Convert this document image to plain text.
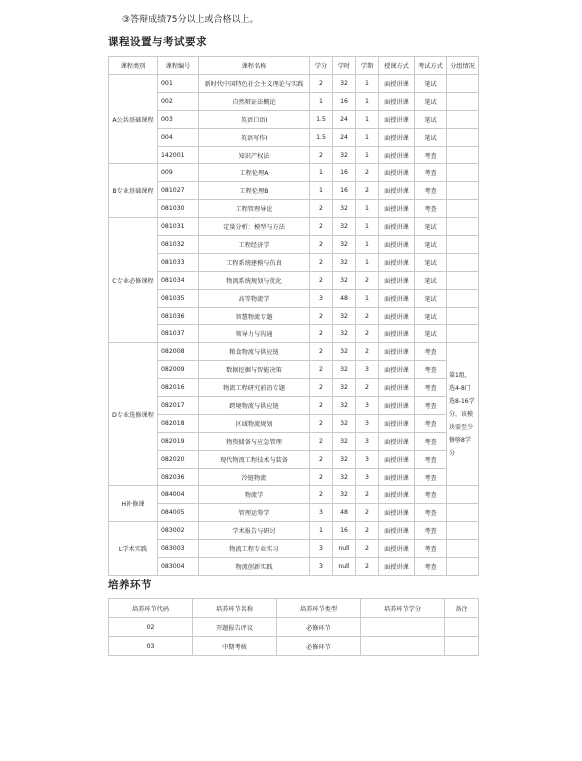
③答辩成绩75分以上或合格以上。
课程设置与考试要求
课程类别	课程编号	课程名称	学分	学时	学期	授课方式	考试方式	分组情况
A公共基础课程	001	新时代中国特色社会主义理论与实践	2	32	1	面授讲课	笔试	
	002	自然辩证法概论	1	16	1	面授讲课	笔试	
	003	英语口语I	1.5	24	1	面授讲课	笔试	
	004	英语写作I	1.5	24	1	面授讲课	笔试	
	142001	知识产权法	2	32	1	面授讲课	考查	
B专业基础课程	009	工程伦理A	1	16	2	面授讲课	考查	
	081027	工程伦理B	1	16	2	面授讲课	考查	
	081030	工程管理导论	2	32	1	面授讲课	考查	
C专业必修课程	081031	定量分析：模型与方法	2	32	1	面授讲课	笔试	
	081032	工程经济学	2	32	1	面授讲课	笔试	
	081033	工程系统建模与仿真	2	32	1	面授讲课	笔试	
	081034	物流系统规划与优化	2	32	2	面授讲课	笔试	
	081035	高等物流学	3	48	1	面授讲课	笔试	
	081036	智慧物流专题	2	32	2	面授讲课	笔试	
	081037	领导力与沟通	2	32	2	面授讲课	笔试	
D专业选修课程	082008	粮食物流与供应链	2	32	2	面授讲课	考查	第1组，选4-8门选8-16学分，该模块需至少修够8学分
	082009	数据挖掘与智能决策	2	32	3	面授讲课	考查	
	082016	物流工程研究前沿专题	2	32	2	面授讲课	考查	
	082017	跨境物流与供应链	2	32	3	面授讲课	考查	
	082018	区域物流规划	2	32	3	面授讲课	考查	
	082019	物资储备与应急管理	2	32	3	面授讲课	考查	
	082020	现代物流工程技术与装备	2	32	3	面授讲课	考查	
	082036	冷链物流	2	32	3	面授讲课	考查	
H补修课	084004	物流学	2	32	2	面授讲课	考查	
	084005	管理运筹学	3	48	2	面授讲课	考查	
L学术实践	083002	学术报告与研讨	1	16	2	面授讲课	考查	
	083003	物流工程专业实习	3	null	2	面授讲课	考查	
	083004	物流创新实践	3	null	2	面授讲课	考查	
培养环节
培养环节代码	培养环节名称	培养环节类型	培养环节学分	备注
02	开题报告评议	必修环节		
03	中期考核	必修环节		
